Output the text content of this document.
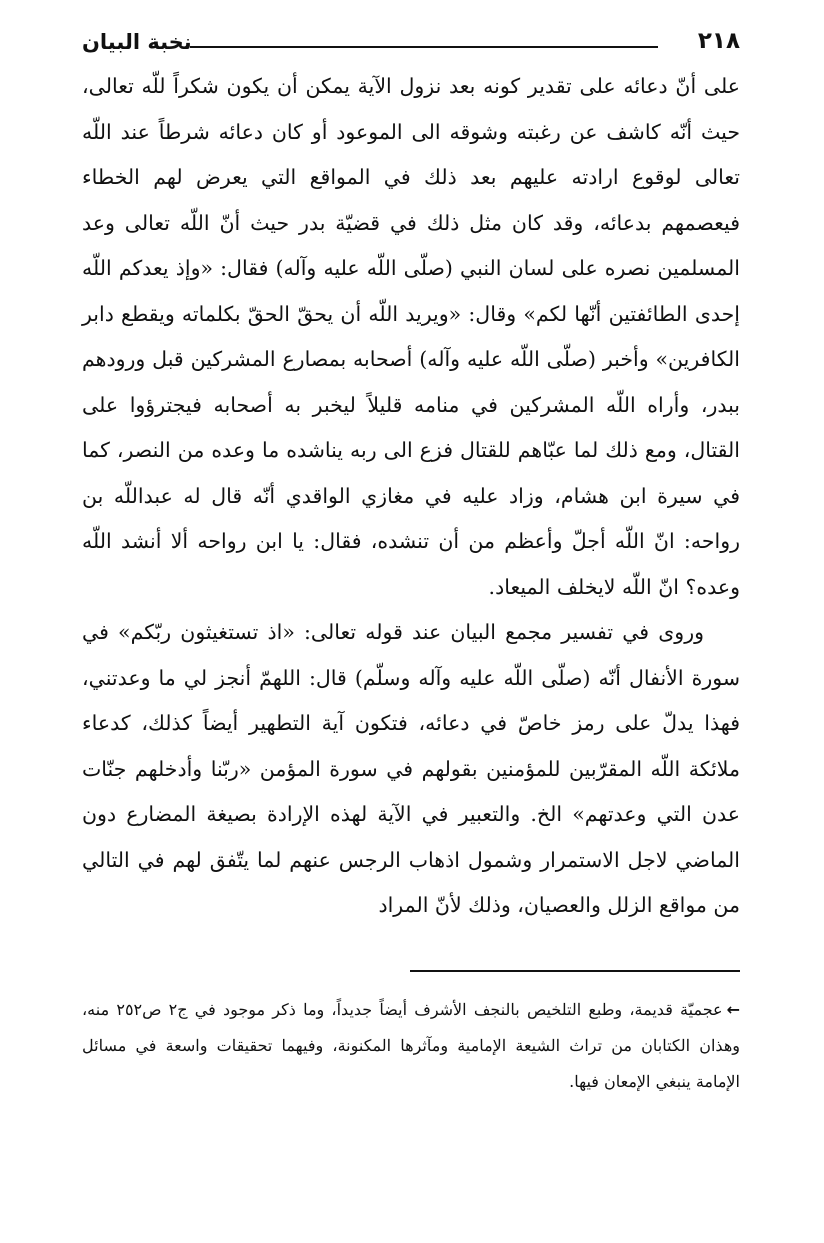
نخبة البيان	٢١٨

على أنّ دعائه على تقدير كونه بعد نزول الآية يمكن أن يكون شكراً للّه تعالى، حيث أنّه كاشف عن رغبته وشوقه الى الموعود أو كان دعائه شرطاً عند اللّه تعالى لوقوع ارادته عليهم بعد ذلك في المواقع التي يعرض لهم الخطاء فيعصمهم بدعائه، وقد كان مثل ذلك في قضيّة بدر حيث أنّ اللّه تعالى وعد المسلمين نصره على لسان النبي (صلّى اللّه عليه وآله) فقال: «وإذ يعدكم اللّه إحدى الطائفتين أنّها لكم» وقال: «ويريد اللّه أن يحقّ الحقّ بكلماته ويقطع دابر الكافرين» وأخبر (صلّى اللّه عليه وآله) أصحابه بمصارع المشركين قبل ورودهم ببدر، وأراه اللّه المشركين في منامه قليلاً ليخبر به أصحابه فيجترؤوا على القتال، ومع ذلك لما عبّاهم للقتال فزع الى ربه يناشده ما وعده من النصر، كما في سيرة ابن هشام، وزاد عليه في مغازي الواقدي أنّه قال له عبداللّه بن رواحه: انّ اللّه أجلّ وأعظم من أن تنشده، فقال: يا ابن رواحه ألا أنشد اللّه وعده؟ انّ اللّه لايخلف الميعاد.

وروى في تفسير مجمع البيان عند قوله تعالى: «اذ تستغيثون ربّكم» في سورة الأنفال أنّه (صلّى اللّه عليه وآله وسلّم) قال: اللهمّ أنجز لي ما وعدتني، فهذا يدلّ على رمز خاصّ في دعائه، فتكون آية التطهير أيضاً كذلك، كدعاء ملائكة اللّه المقرّبين للمؤمنين بقولهم في سورة المؤمن «ربّنا وأدخلهم جنّات عدن التي وعدتهم» الخ. والتعبير في الآية لهذه الإرادة بصيغة المضارع دون الماضي لاجل الاستمرار وشمول اذهاب الرجس عنهم لما يتّفق لهم في التالي من مواقع الزلل والعصيان، وذلك لأنّ المراد

←عجميّة قديمة، وطبع التلخيص بالنجف الأشرف أيضاً جديداً، وما ذكر موجود في ج٢ ص٢٥٢ منه، وهذان الكتابان من تراث الشيعة الإمامية ومآثرها المكنونة، وفيهما تحقيقات واسعة في مسائل الإمامة ينبغي الإمعان فيها.
